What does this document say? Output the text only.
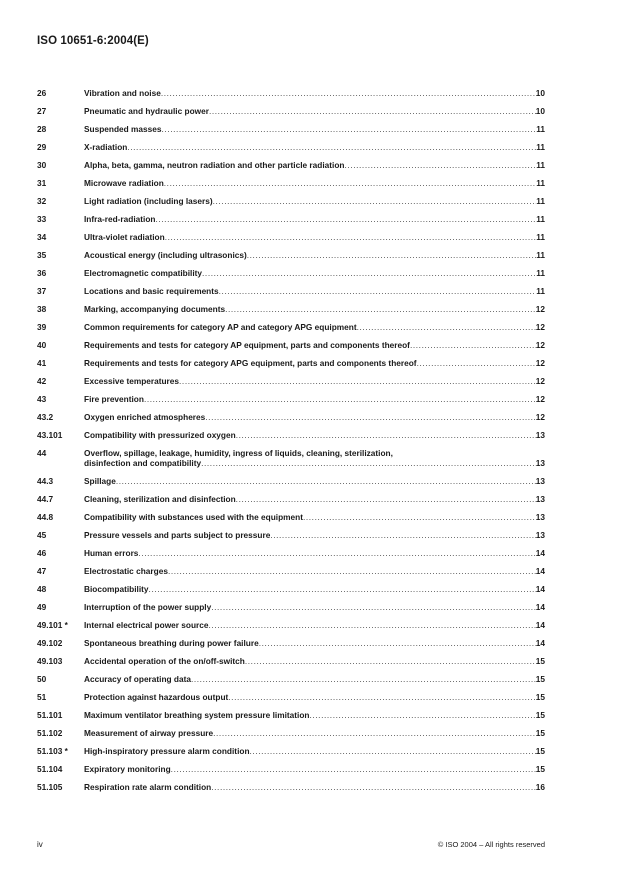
ISO 10651-6:2004(E)
26	Vibration and noise .....	10
27	Pneumatic and hydraulic power .....	10
28	Suspended masses .....	11
29	X-radiation .....	11
30	Alpha, beta, gamma, neutron radiation and other particle radiation .....	11
31	Microwave radiation .....	11
32	Light radiation (including lasers) .....	11
33	Infra-red-radiation .....	11
34	Ultra-violet radiation .....	11
35	Acoustical energy (including ultrasonics) .....	11
36	Electromagnetic compatibility .....	11
37	Locations and basic requirements .....	11
38	Marking, accompanying documents .....	12
39	Common requirements for category AP and category APG equipment .....	12
40	Requirements and tests for category AP equipment, parts and components thereof .....	12
41	Requirements and tests for category APG equipment, parts and components thereof .....	12
42	Excessive temperatures .....	12
43	Fire prevention .....	12
43.2	Oxygen enriched atmospheres .....	12
43.101	Compatibility with pressurized oxygen .....	13
44	Overflow, spillage, leakage, humidity, ingress of liquids, cleaning, sterilization,
disinfection and compatibility .....	13
44.3	Spillage .....	13
44.7	Cleaning, sterilization and disinfection .....	13
44.8	Compatibility with substances used with the equipment .....	13
45	Pressure vessels and parts subject to pressure .....	13
46	Human errors .....	14
47	Electrostatic charges .....	14
48	Biocompatibility .....	14
49	Interruption of the power supply .....	14
49.101 *	Internal electrical power source .....	14
49.102	Spontaneous breathing during power failure .....	14
49.103	Accidental operation of the on/off-switch .....	15
50	Accuracy of operating data .....	15
51	Protection against hazardous output .....	15
51.101	Maximum ventilator breathing system pressure limitation .....	15
51.102	Measurement of airway pressure .....	15
51.103 *	High-inspiratory pressure alarm condition .....	15
51.104	Expiratory monitoring .....	15
51.105	Respiration rate alarm condition .....	16
iv	© ISO 2004 – All rights reserved
